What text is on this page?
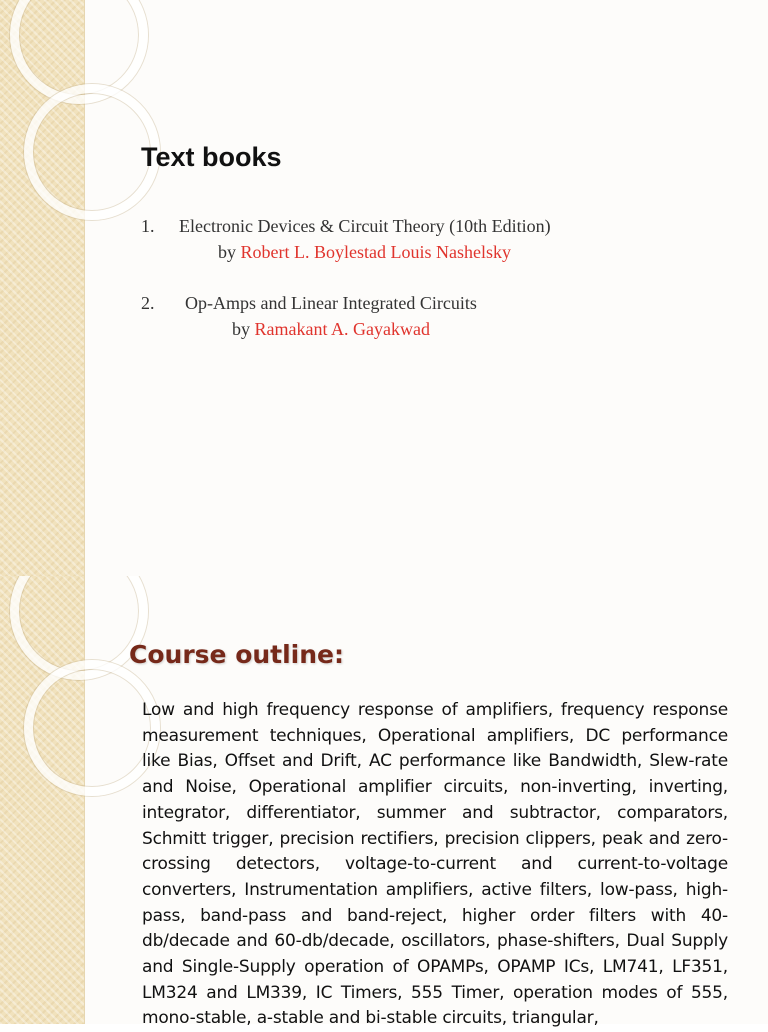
Text books
1. Electronic Devices & Circuit Theory (10th Edition)
by Robert L. Boylestad Louis Nashelsky
2. Op-Amps and Linear Integrated Circuits
by Ramakant A. Gayakwad
Course outline:

Low and high frequency response of amplifiers, frequency response measurement techniques, Operational amplifiers, DC performance like Bias, Offset and Drift, AC performance like Bandwidth, Slew-rate and Noise, Operational amplifier circuits, non-inverting, inverting, integrator, differentiator, summer and subtractor, comparators, Schmitt trigger, precision rectifiers, precision clippers, peak and zero-crossing detectors, voltage-to-current and current-to-voltage converters, Instrumentation amplifiers, active filters, low-pass, high-pass, band-pass and band-reject, higher order filters with 40- db/decade and 60-db/decade, oscillators, phase-shifters, Dual Supply and Single-Supply operation of OPAMPs, OPAMP ICs, LM741, LF351, LM324 and LM339, IC Timers, 555 Timer, operation modes of 555, mono-stable, a-stable and bi-stable circuits, triangular,
